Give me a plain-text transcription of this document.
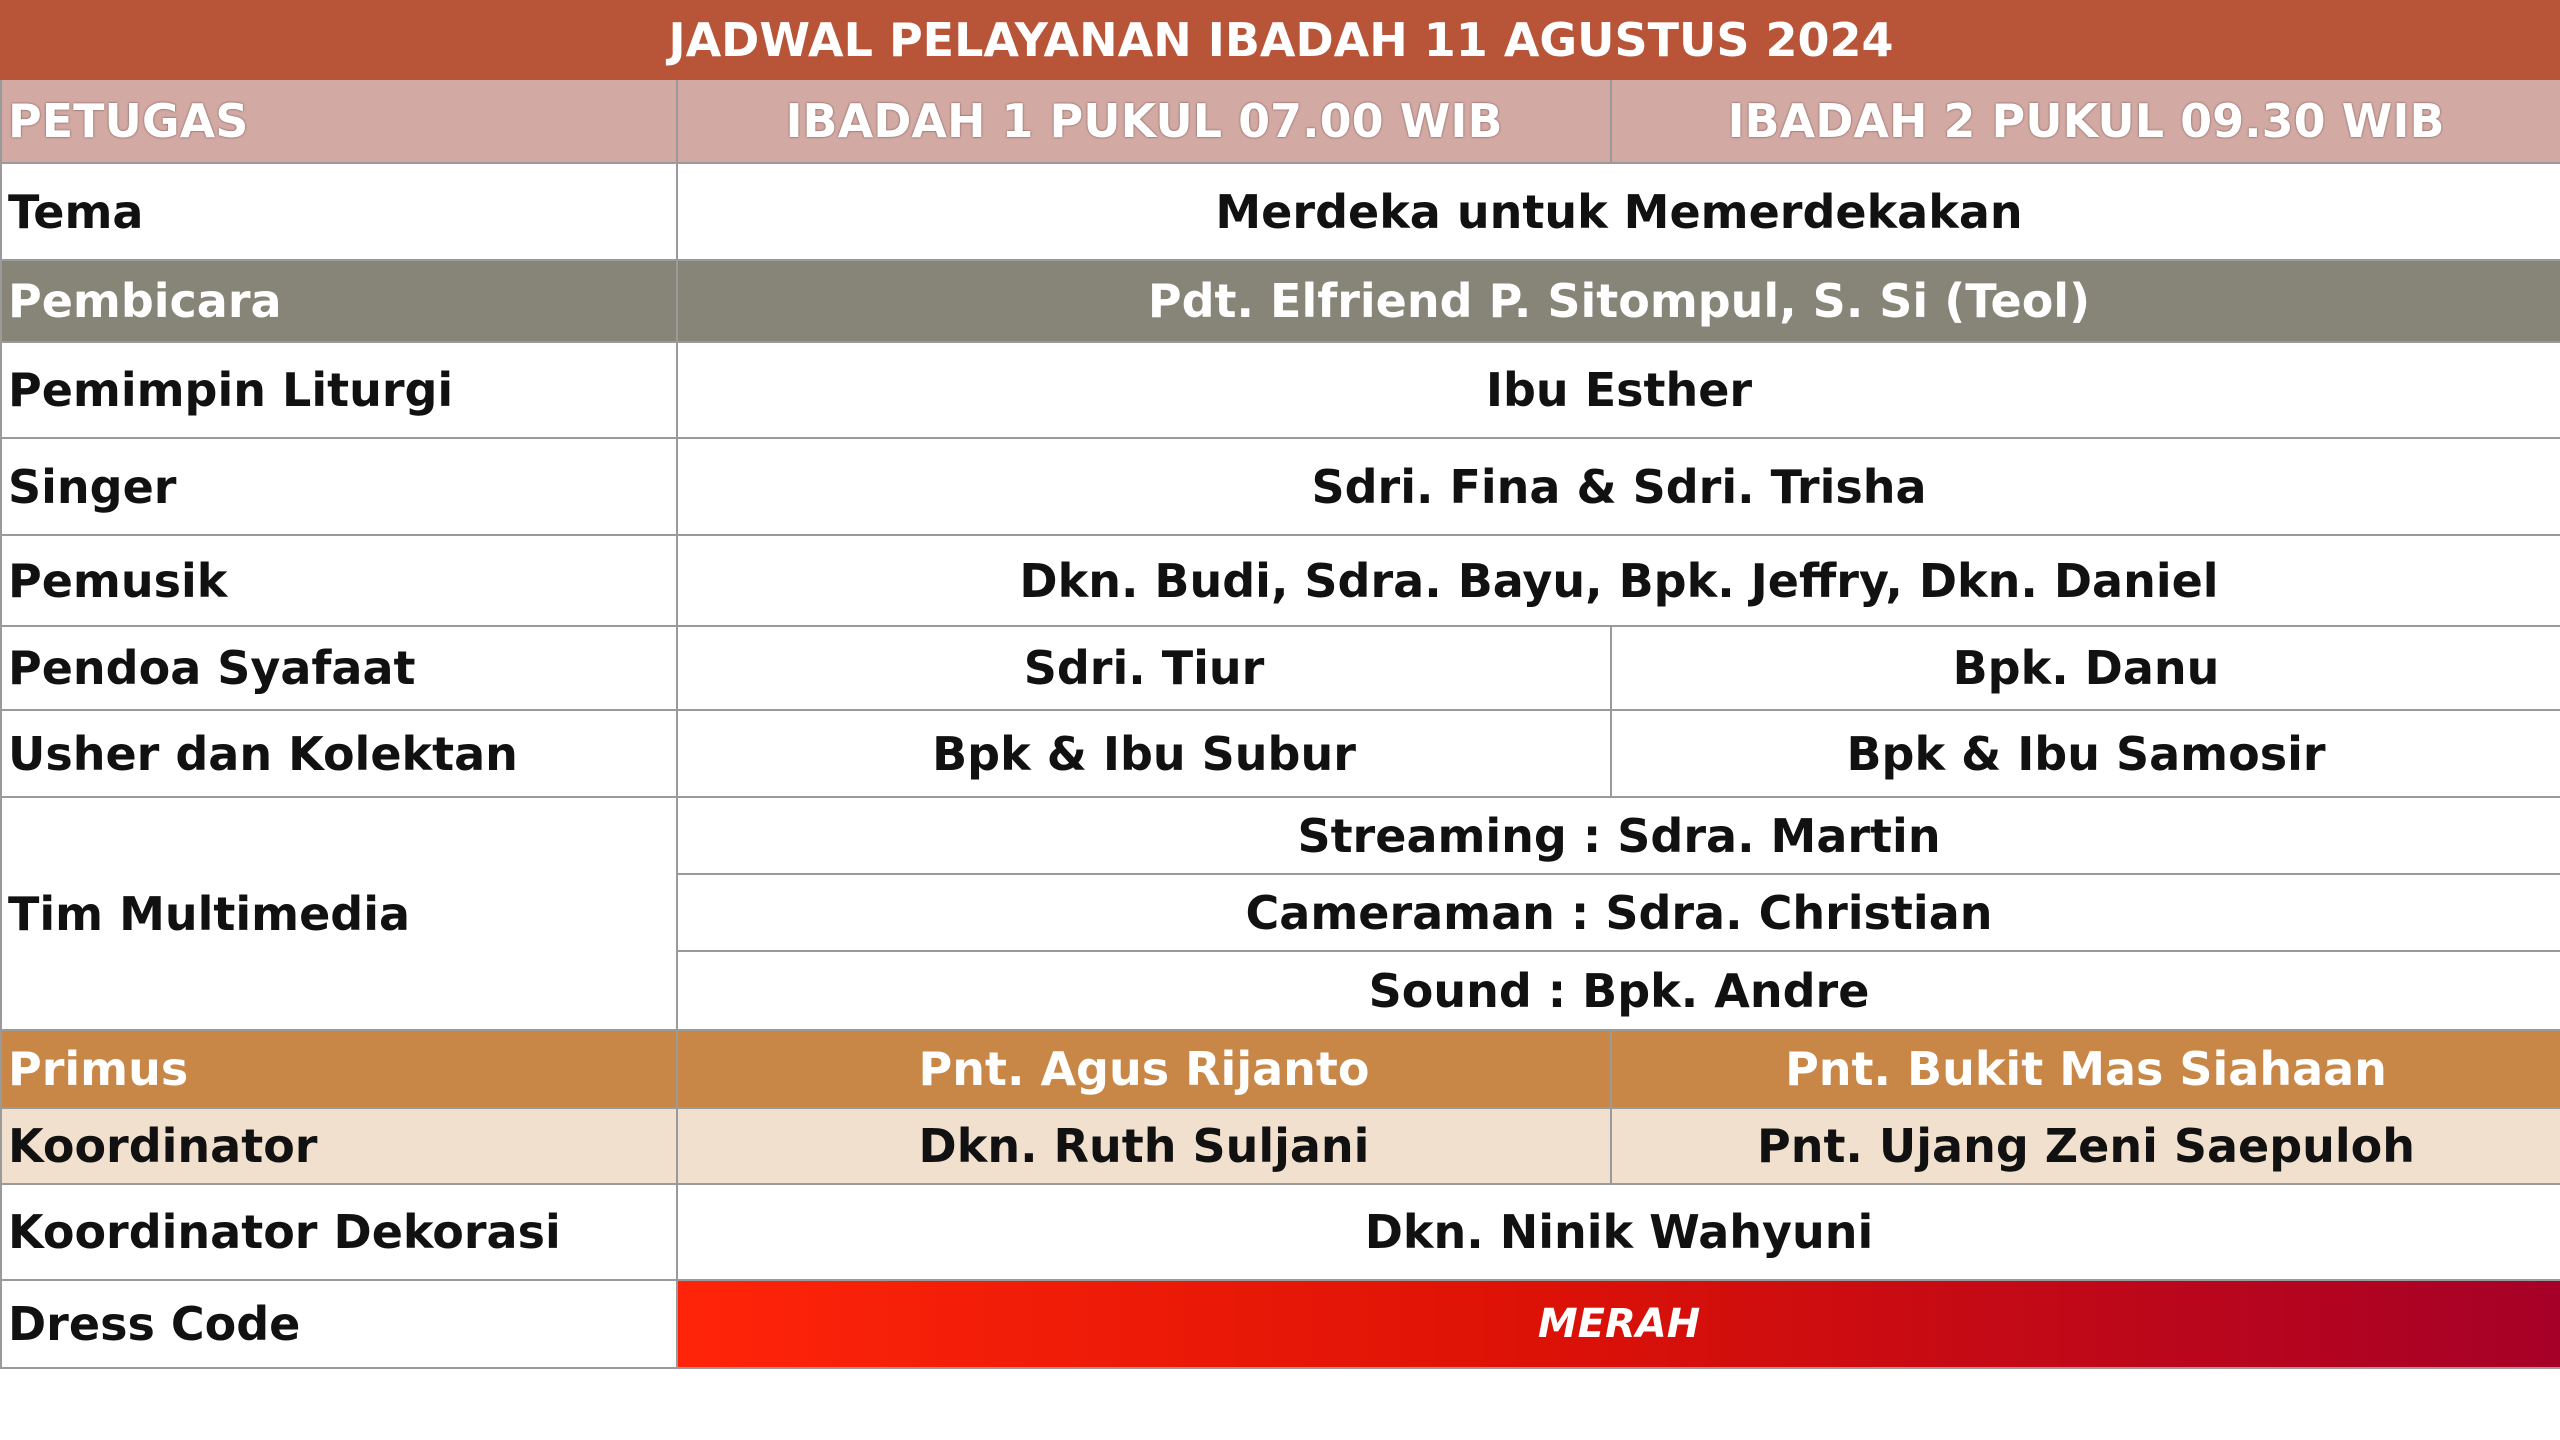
JADWAL PELAYANAN IBADAH 11 AGUSTUS 2024		
PETUGAS	IBADAH 1 PUKUL 07.00 WIB	IBADAH 2 PUKUL 09.30 WIB
Tema	Merdeka untuk Memerdekakan	
Pembicara	Pdt. Elfriend P. Sitompul, S. Si (Teol)	
Pemimpin Liturgi	Ibu Esther	
Singer	Sdri. Fina & Sdri. Trisha	
Pemusik	Dkn. Budi, Sdra. Bayu, Bpk. Jeffry, Dkn. Daniel	
Pendoa Syafaat	Sdri. Tiur	Bpk. Danu
Usher dan Kolektan	Bpk & Ibu Subur	Bpk & Ibu Samosir
Tim Multimedia	Streaming : Sdra. Martin	
	Cameraman : Sdra. Christian	
	Sound : Bpk. Andre	
Primus	Pnt. Agus Rijanto	Pnt. Bukit Mas Siahaan
Koordinator	Dkn. Ruth Suljani	Pnt. Ujang Zeni Saepuloh
Koordinator Dekorasi	Dkn. Ninik Wahyuni	
Dress Code	MERAH	
